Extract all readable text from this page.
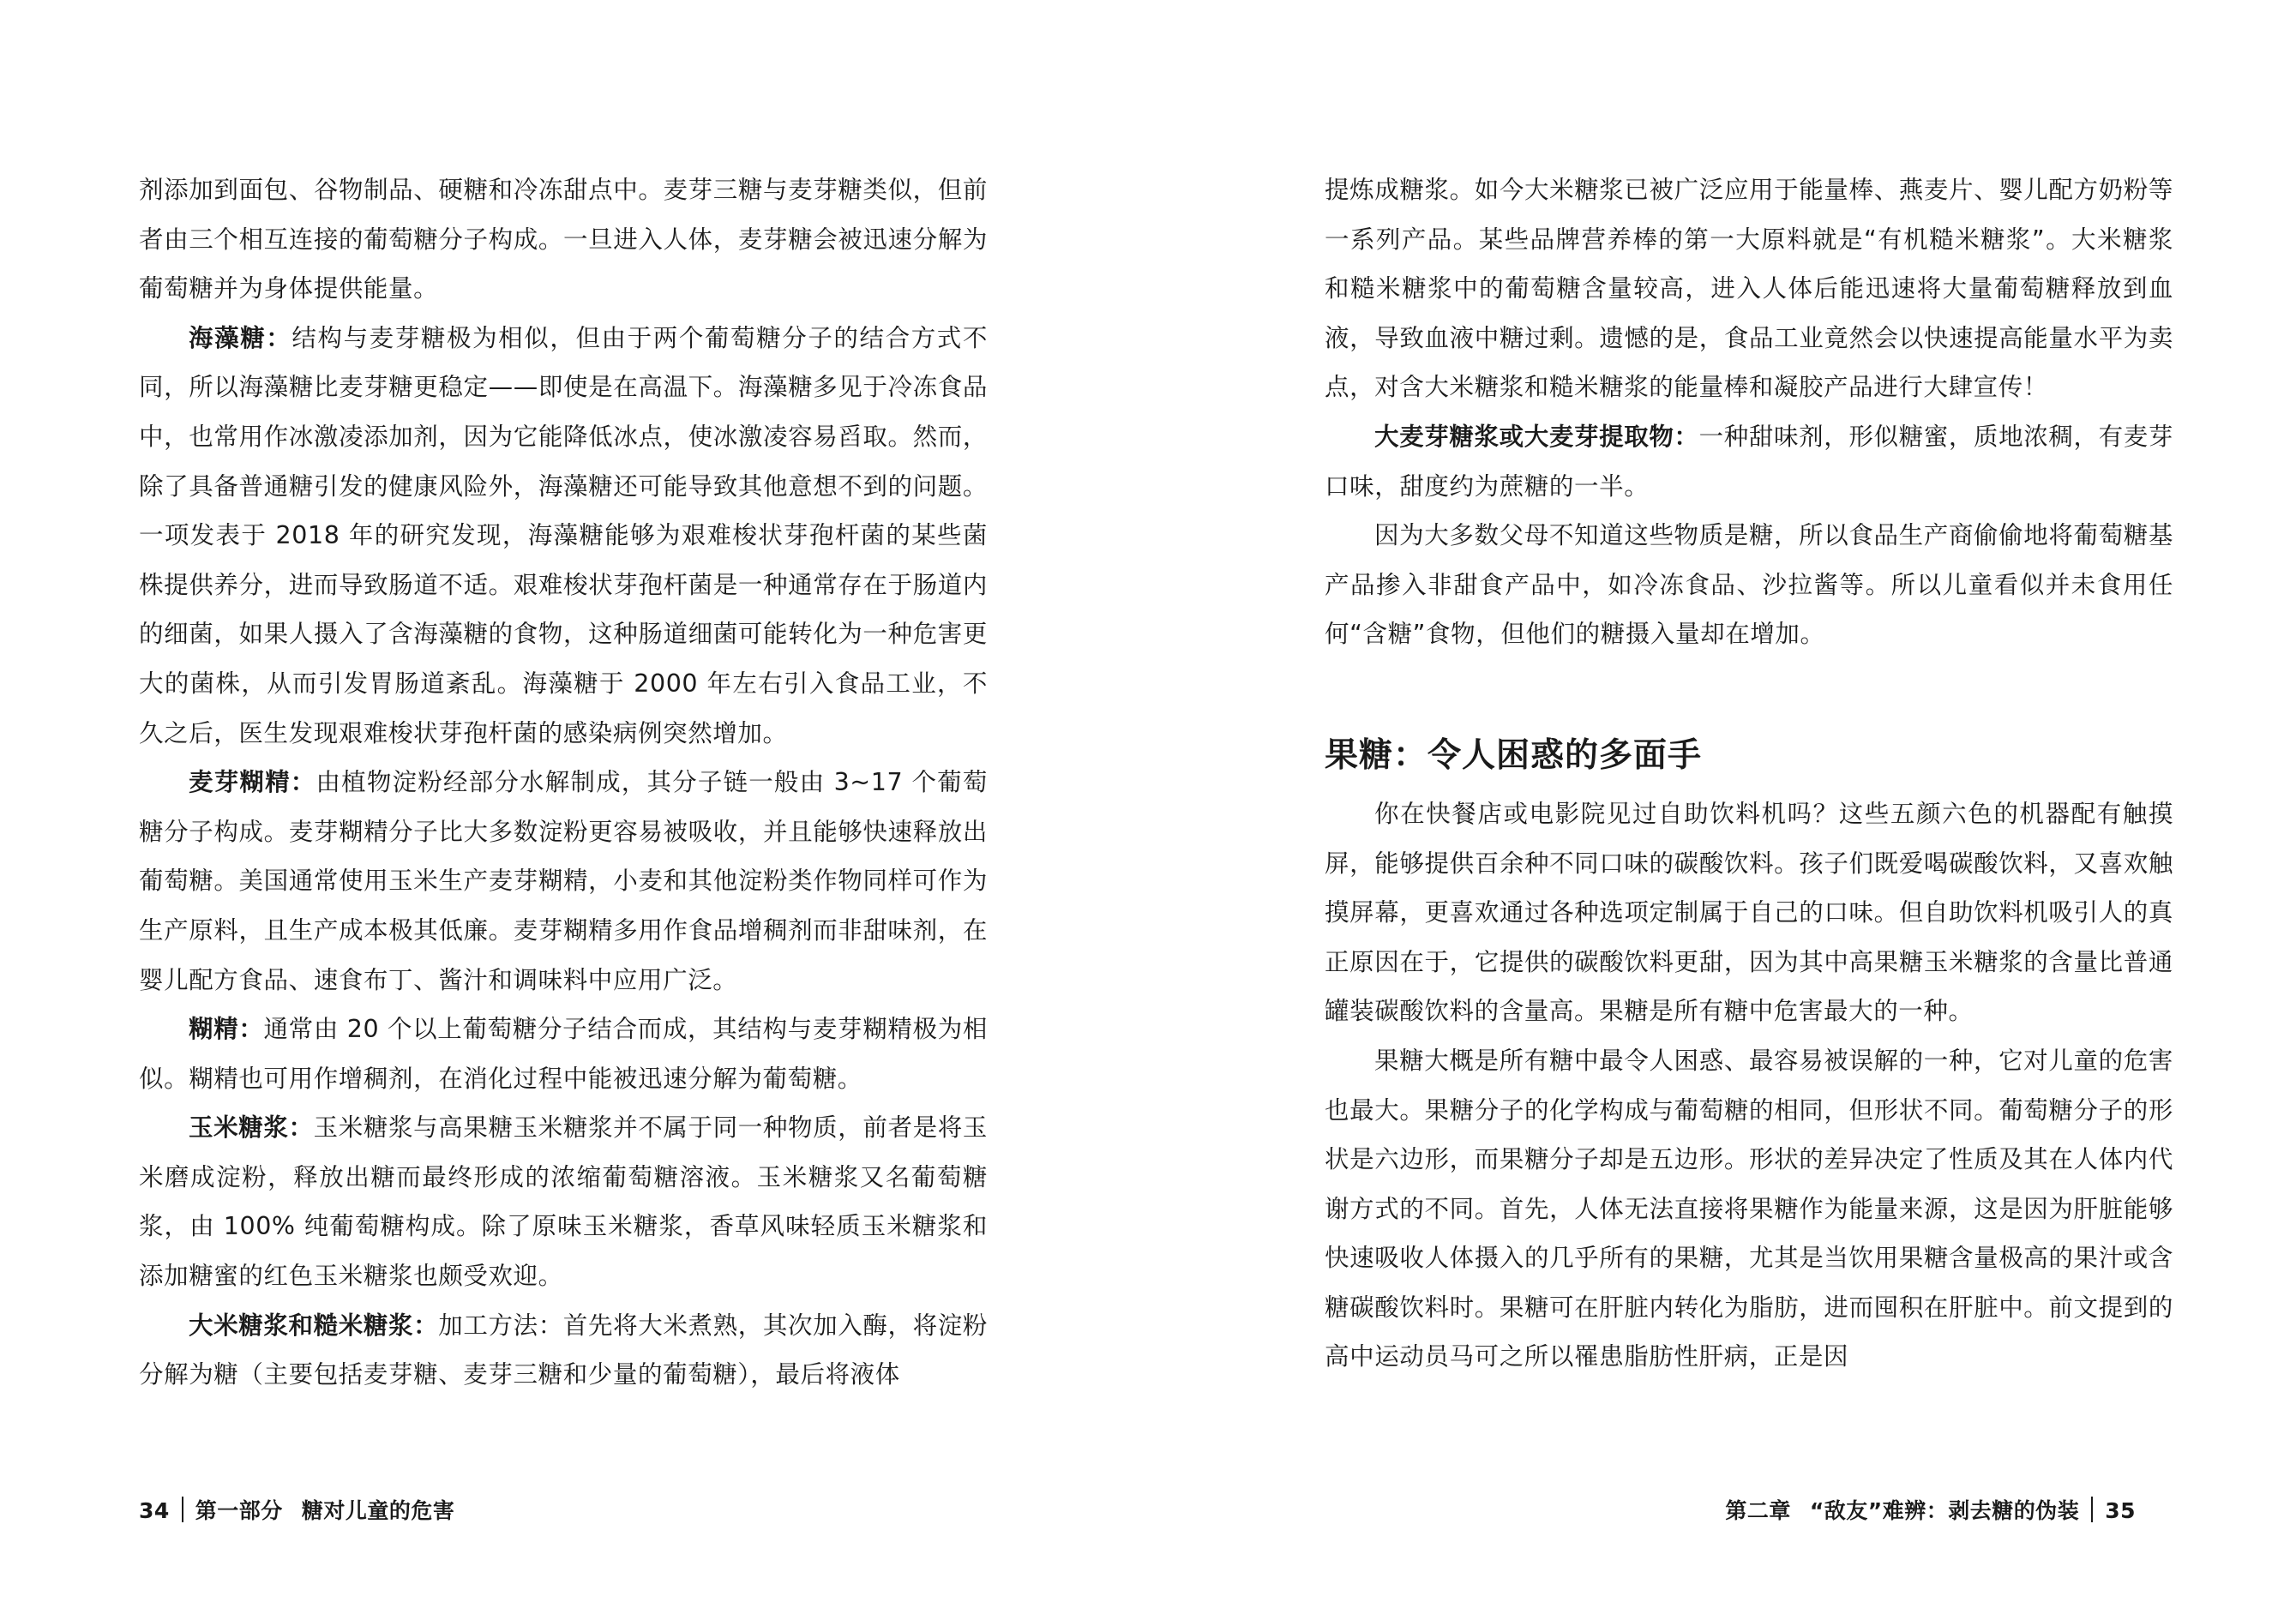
剂添加到面包、谷物制品、硬糖和冷冻甜点中。麦芽三糖与麦芽糖类似，但前者由三个相互连接的葡萄糖分子构成。一旦进入人体，麦芽糖会被迅速分解为葡萄糖并为身体提供能量。

海藻糖：结构与麦芽糖极为相似，但由于两个葡萄糖分子的结合方式不同，所以海藻糖比麦芽糖更稳定——即使是在高温下。海藻糖多见于冷冻食品中，也常用作冰激凌添加剂，因为它能降低冰点，使冰激凌容易舀取。然而，除了具备普通糖引发的健康风险外，海藻糖还可能导致其他意想不到的问题。一项发表于 2018 年的研究发现，海藻糖能够为艰难梭状芽孢杆菌的某些菌株提供养分，进而导致肠道不适。艰难梭状芽孢杆菌是一种通常存在于肠道内的细菌，如果人摄入了含海藻糖的食物，这种肠道细菌可能转化为一种危害更大的菌株，从而引发胃肠道紊乱。海藻糖于 2000 年左右引入食品工业，不久之后，医生发现艰难梭状芽孢杆菌的感染病例突然增加。

麦芽糊精：由植物淀粉经部分水解制成，其分子链一般由 3~17 个葡萄糖分子构成。麦芽糊精分子比大多数淀粉更容易被吸收，并且能够快速释放出葡萄糖。美国通常使用玉米生产麦芽糊精，小麦和其他淀粉类作物同样可作为生产原料，且生产成本极其低廉。麦芽糊精多用作食品增稠剂而非甜味剂，在婴儿配方食品、速食布丁、酱汁和调味料中应用广泛。

糊精：通常由 20 个以上葡萄糖分子结合而成，其结构与麦芽糊精极为相似。糊精也可用作增稠剂，在消化过程中能被迅速分解为葡萄糖。

玉米糖浆：玉米糖浆与高果糖玉米糖浆并不属于同一种物质，前者是将玉米磨成淀粉，释放出糖而最终形成的浓缩葡萄糖溶液。玉米糖浆又名葡萄糖浆，由 100% 纯葡萄糖构成。除了原味玉米糖浆，香草风味轻质玉米糖浆和添加糖蜜的红色玉米糖浆也颇受欢迎。

大米糖浆和糙米糖浆：加工方法：首先将大米煮熟，其次加入酶，将淀粉分解为糖（主要包括麦芽糖、麦芽三糖和少量的葡萄糖），最后将液体

34 第一部分 糖对儿童的危害

提炼成糖浆。如今大米糖浆已被广泛应用于能量棒、燕麦片、婴儿配方奶粉等一系列产品。某些品牌营养棒的第一大原料就是“有机糙米糖浆”。大米糖浆和糙米糖浆中的葡萄糖含量较高，进入人体后能迅速将大量葡萄糖释放到血液，导致血液中糖过剩。遗憾的是，食品工业竟然会以快速提高能量水平为卖点，对含大米糖浆和糙米糖浆的能量棒和凝胶产品进行大肆宣传！

大麦芽糖浆或大麦芽提取物：一种甜味剂，形似糖蜜，质地浓稠，有麦芽口味，甜度约为蔗糖的一半。

因为大多数父母不知道这些物质是糖，所以食品生产商偷偷地将葡萄糖基产品掺入非甜食产品中，如冷冻食品、沙拉酱等。所以儿童看似并未食用任何“含糖”食物，但他们的糖摄入量却在增加。

果糖：令人困惑的多面手

你在快餐店或电影院见过自助饮料机吗？这些五颜六色的机器配有触摸屏，能够提供百余种不同口味的碳酸饮料。孩子们既爱喝碳酸饮料，又喜欢触摸屏幕，更喜欢通过各种选项定制属于自己的口味。但自助饮料机吸引人的真正原因在于，它提供的碳酸饮料更甜，因为其中高果糖玉米糖浆的含量比普通罐装碳酸饮料的含量高。果糖是所有糖中危害最大的一种。

果糖大概是所有糖中最令人困惑、最容易被误解的一种，它对儿童的危害也最大。果糖分子的化学构成与葡萄糖的相同，但形状不同。葡萄糖分子的形状是六边形，而果糖分子却是五边形。形状的差异决定了性质及其在人体内代谢方式的不同。首先，人体无法直接将果糖作为能量来源，这是因为肝脏能够快速吸收人体摄入的几乎所有的果糖，尤其是当饮用果糖含量极高的果汁或含糖碳酸饮料时。果糖可在肝脏内转化为脂肪，进而囤积在肝脏中。前文提到的高中运动员马可之所以罹患脂肪性肝病，正是因

第二章 “敌友”难辨：剥去糖的伪装 35
